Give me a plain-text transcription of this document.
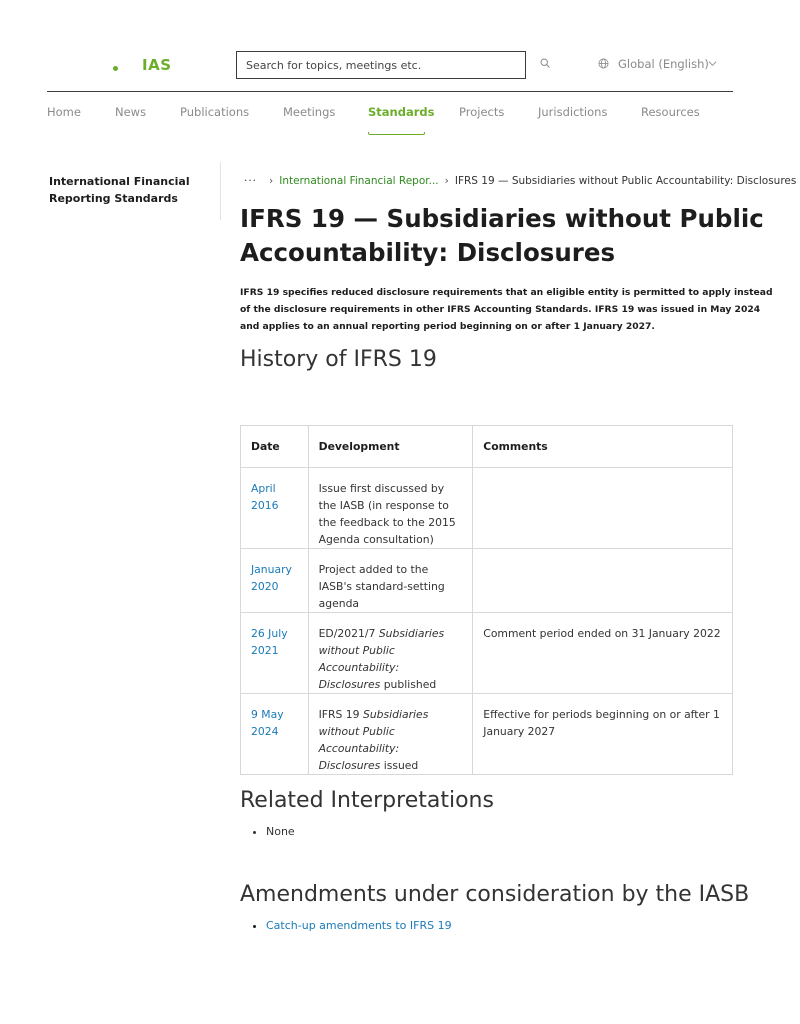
IAS
Search for topics, meetings etc.	Global (English)
Home	News	Publications	Meetings	Standards Projects	Jurisdictions	Resources
International Financial Reporting Standards
··· › International Financial Repor... › IFRS 19 — Subsidiaries without Public Accountability: Disclosures
IFRS 19 — Subsidiaries without Public
Accountability: Disclosures

IFRS 19 specifies reduced disclosure requirements that an eligible entity is permitted to apply instead of the disclosure requirements in other IFRS Accounting Standards. IFRS 19 was issued in May 2024 and applies to an annual reporting period beginning on or after 1 January 2027.

History of IFRS 19
Date	Development	Comments
April 2016	Issue first discussed by the IASB (in response to the feedback to the 2015 Agenda consultation)	
January 2020	Project added to the IASB's standard-setting agenda	
26 July 2021	ED/2021/7 Subsidiaries without Public Accountability: Disclosures published	Comment period ended on 31 January 2022
9 May 2024	IFRS 19 Subsidiaries without Public Accountability: Disclosures issued	Effective for periods beginning on or after 1 January 2027
Related Interpretations
• None
Amendments under consideration by the IASB
• Catch-up amendments to IFRS 19
